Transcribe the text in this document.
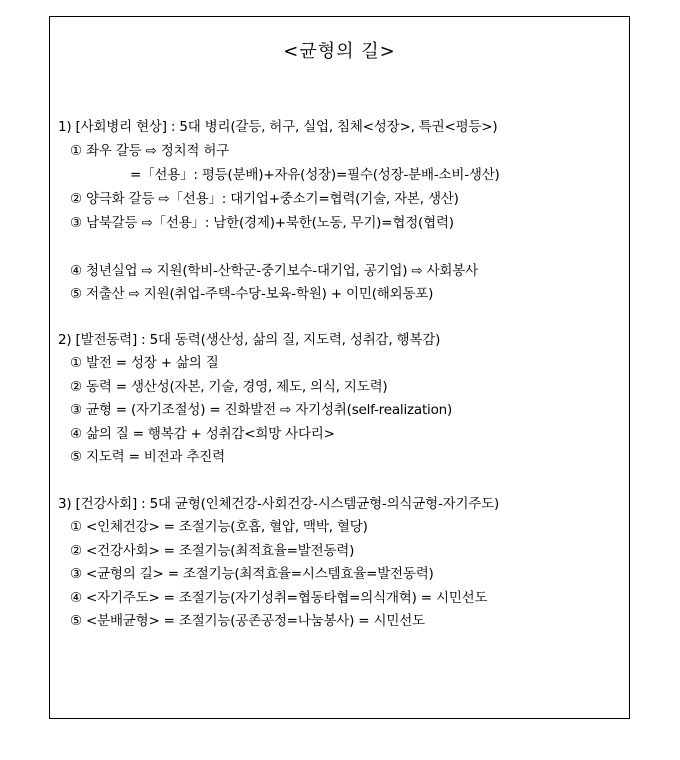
<균형의 길>
1) [사회병리 현상] : 5대 병리(갈등, 허구, 실업, 침체<성장>, 특권<평등>)
① 좌우 갈등 ⇨ 정치적 허구
=「선용」: 평등(분배)+자유(성장)=필수(성장-분배-소비-생산)
② 양극화 갈등 ⇨「선용」: 대기업+중소기=협력(기술, 자본, 생산)
③ 남북갈등 ⇨「선용」: 남한(경제)+북한(노동, 무기)=협정(협력)
④ 청년실업 ⇨ 지원(학비-산학군-중기보수-대기업, 공기업) ⇨ 사회봉사
⑤ 저출산 ⇨ 지원(취업-주택-수당-보육-학원) + 이민(해외동포)
2) [발전동력] : 5대 동력(생산성, 삶의 질, 지도력, 성취감, 행복감)
① 발전 = 성장 + 삶의 질
② 동력 = 생산성(자본, 기술, 경영, 제도, 의식, 지도력)
③ 균형 = (자기조절성) = 진화발전 ⇨ 자기성취(self-realization)
④ 삶의 질 = 행복감 + 성취감<희망 사다리>
⑤ 지도력 = 비전과 추진력
3) [건강사회] : 5대 균형(인체건강-사회건강-시스템균형-의식균형-자기주도)
① <인체건강> = 조절기능(호흡, 혈압, 맥박, 혈당)
② <건강사회> = 조절기능(최적효율=발전동력)
③ <균형의 길> = 조절기능(최적효율=시스템효율=발전동력)
④ <자기주도> = 조절기능(자기성취=협동타협=의식개혁) = 시민선도
⑤ <분배균형> = 조절기능(공존공정=나눔봉사) = 시민선도
